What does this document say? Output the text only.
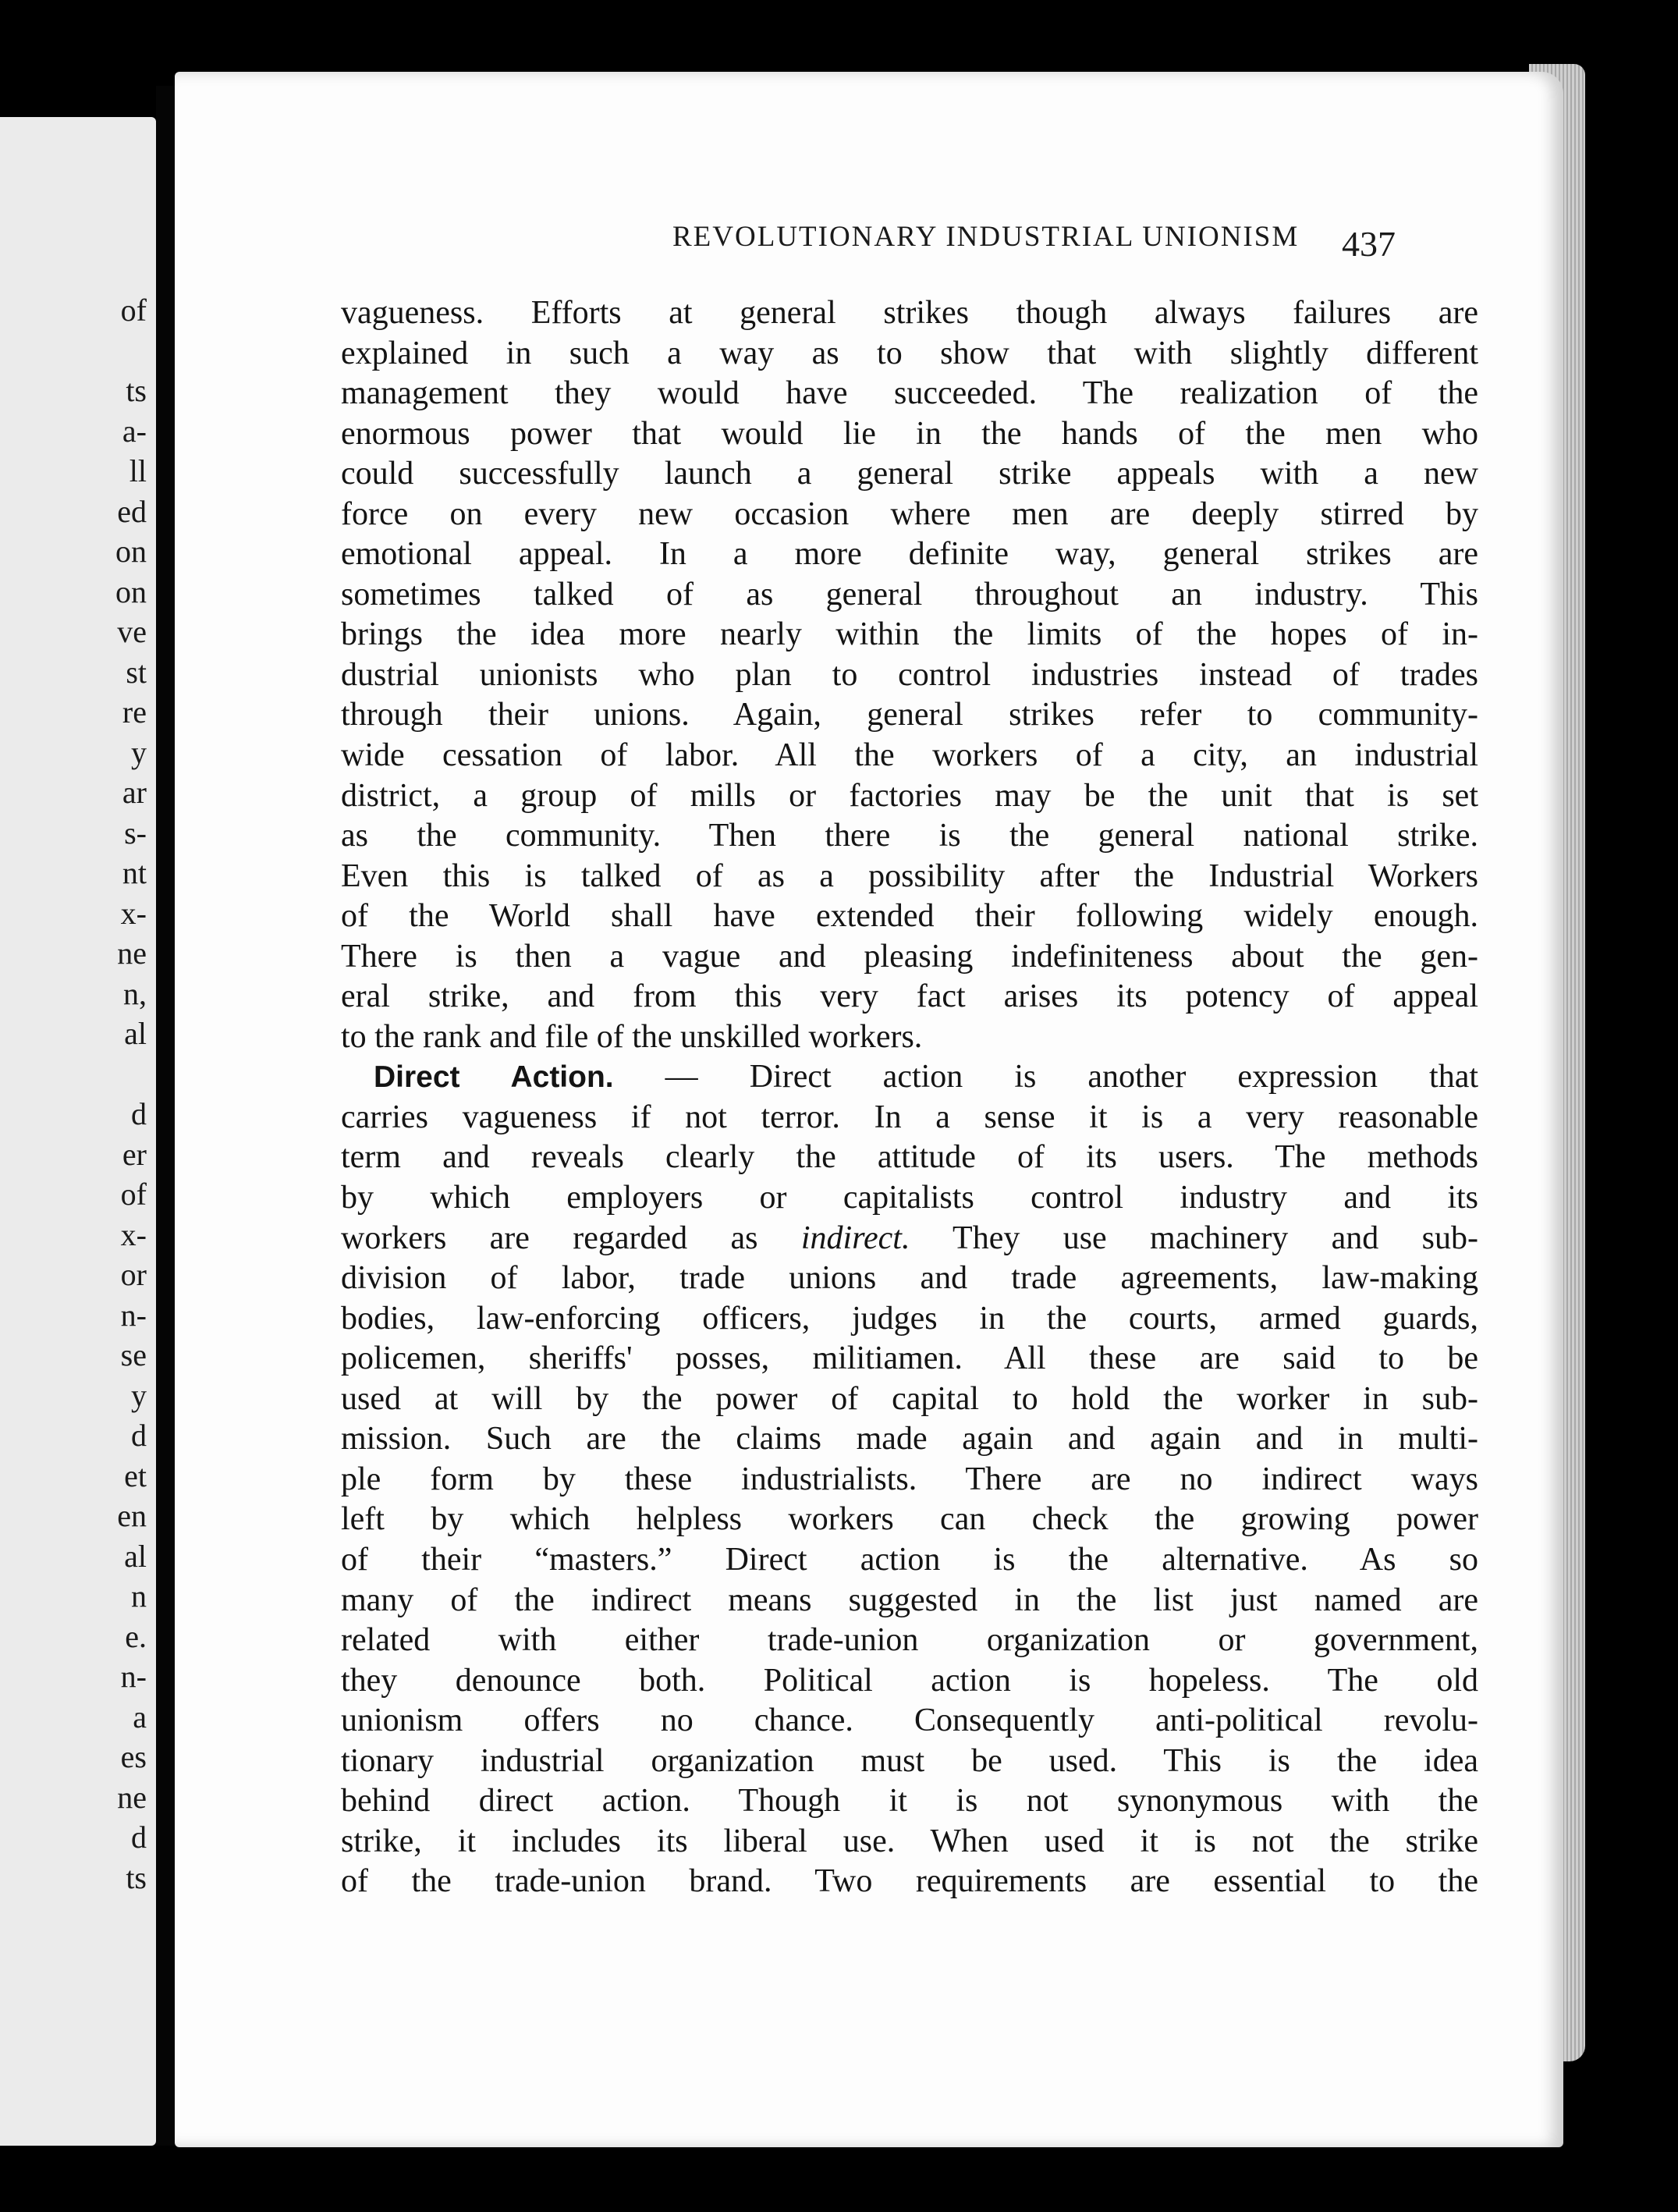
of
ts
a-
ll
ed
on
on
ve
st
re
y
ar
s-
nt
x-
ne
n,
al
d
er
of
x-
or
n-
se
y
d
et
en
al
n
e.
n-
a
es
ne
d
ts
REVOLUTIONARY INDUSTRIAL UNIONISM 437
vagueness. Efforts at general strikes though always failures are
explained in such a way as to show that with slightly different
management they would have succeeded. The realization of the
enormous power that would lie in the hands of the men who
could successfully launch a general strike appeals with a new
force on every new occasion where men are deeply stirred by
emotional appeal. In a more definite way, general strikes are
sometimes talked of as general throughout an industry. This
brings the idea more nearly within the limits of the hopes of in-
dustrial unionists who plan to control industries instead of trades
through their unions. Again, general strikes refer to community-
wide cessation of labor. All the workers of a city, an industrial
district, a group of mills or factories may be the unit that is set
as the community. Then there is the general national strike.
Even this is talked of as a possibility after the Industrial Workers
of the World shall have extended their following widely enough.
There is then a vague and pleasing indefiniteness about the gen-
eral strike, and from this very fact arises its potency of appeal
to the rank and file of the unskilled workers.
Direct Action. — Direct action is another expression that
carries vagueness if not terror. In a sense it is a very reasonable
term and reveals clearly the attitude of its users. The methods
by which employers or capitalists control industry and its
workers are regarded as indirect. They use machinery and sub-
division of labor, trade unions and trade agreements, law-making
bodies, law-enforcing officers, judges in the courts, armed guards,
policemen, sheriffs' posses, militiamen. All these are said to be
used at will by the power of capital to hold the worker in sub-
mission. Such are the claims made again and again and in multi-
ple form by these industrialists. There are no indirect ways
left by which helpless workers can check the growing power
of their “masters.” Direct action is the alternative. As so
many of the indirect means suggested in the list just named are
related with either trade-union organization or government,
they denounce both. Political action is hopeless. The old
unionism offers no chance. Consequently anti-political revolu-
tionary industrial organization must be used. This is the idea
behind direct action. Though it is not synonymous with the
strike, it includes its liberal use. When used it is not the strike
of the trade-union brand. Two requirements are essential to the
